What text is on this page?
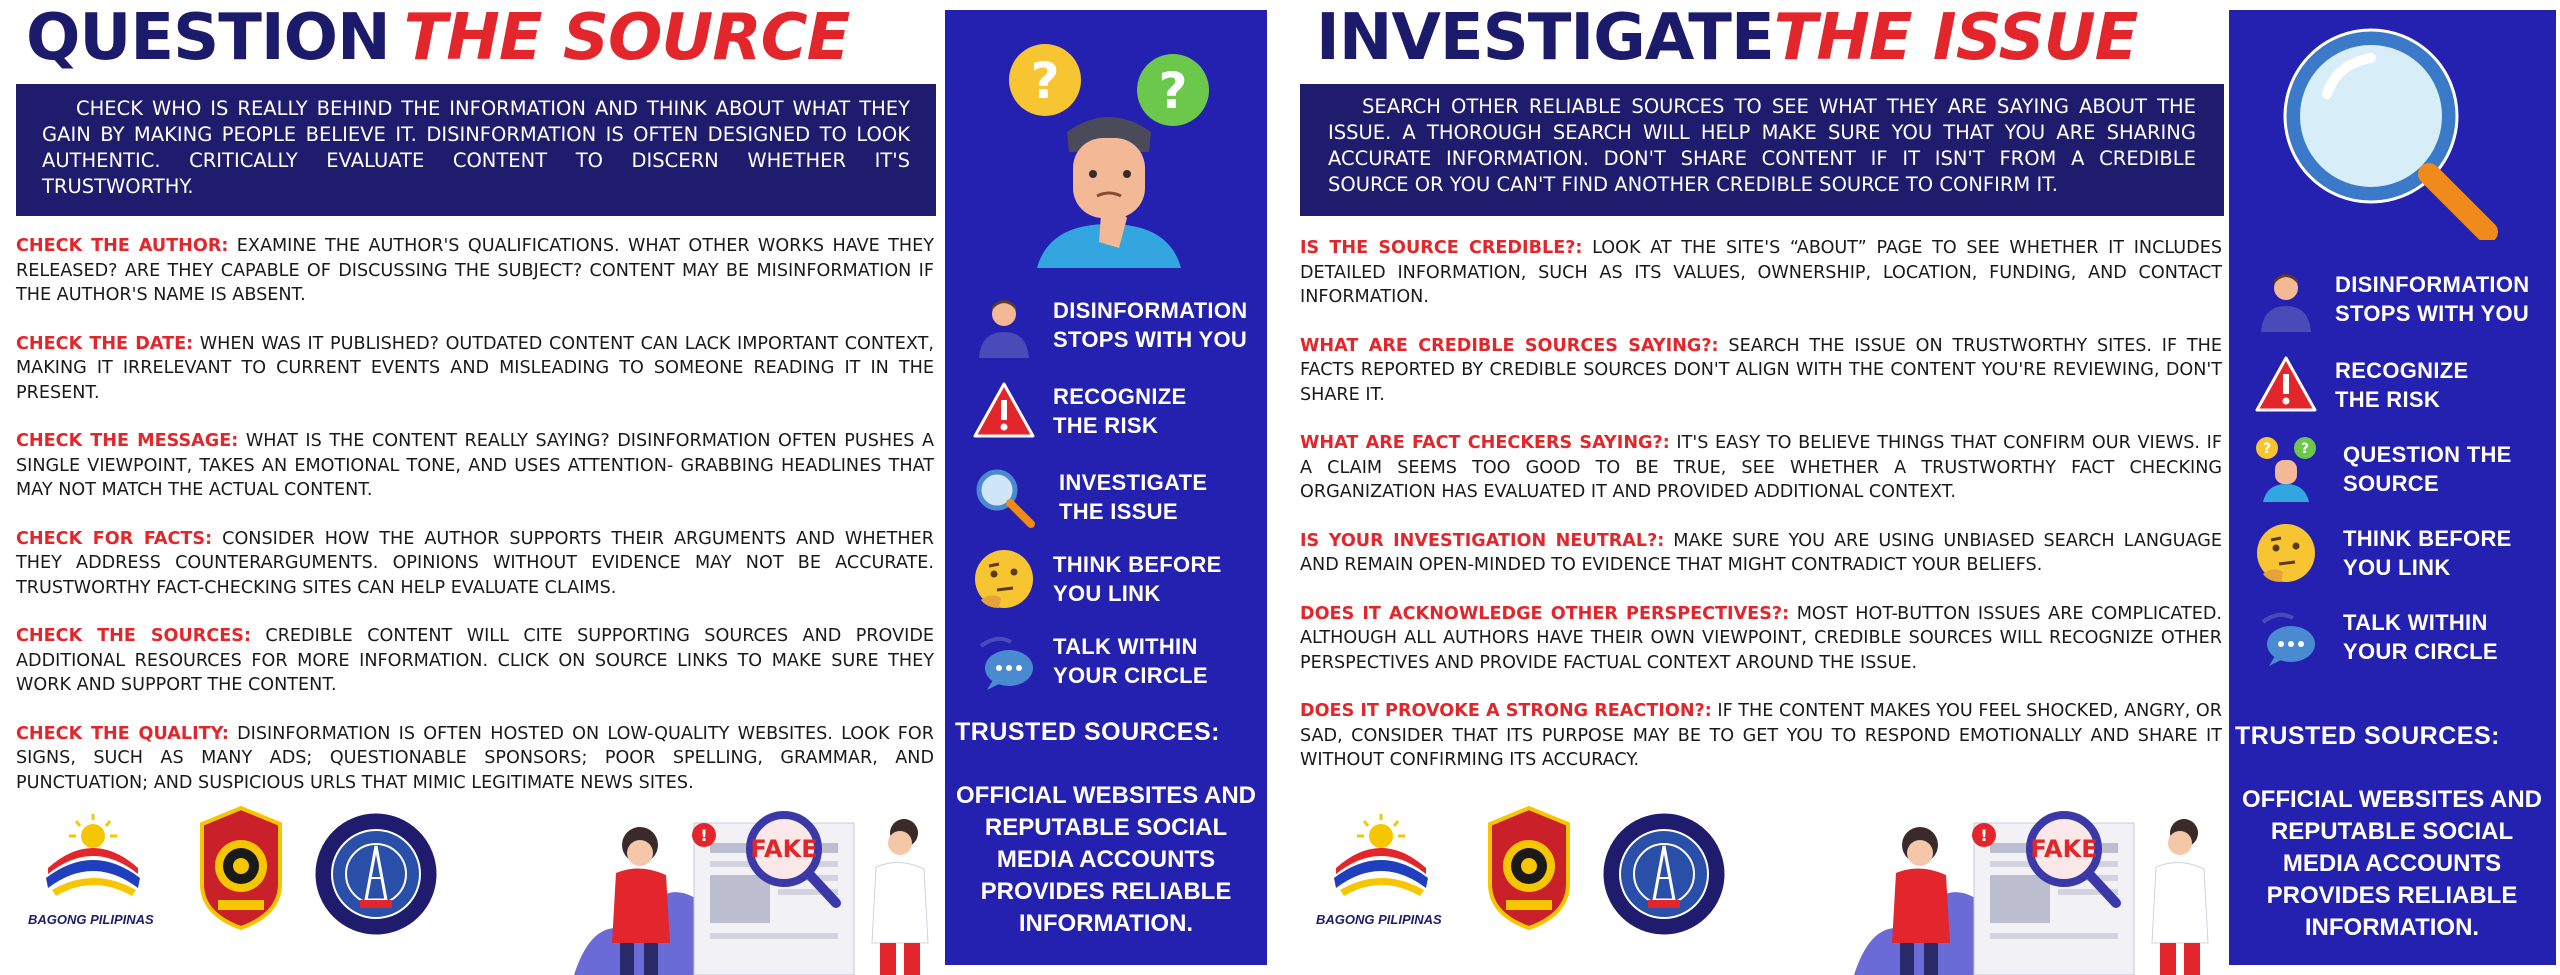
QUESTION THE SOURCE
CHECK WHO IS REALLY BEHIND THE INFORMATION AND THINK ABOUT WHAT THEY GAIN BY MAKING PEOPLE BELIEVE IT. DISINFORMATION IS OFTEN DESIGNED TO LOOK AUTHENTIC. CRITICALLY EVALUATE CONTENT TO DISCERN WHETHER IT'S TRUSTWORTHY.

CHECK THE AUTHOR: EXAMINE THE AUTHOR'S QUALIFICATIONS. WHAT OTHER WORKS HAVE THEY RELEASED? ARE THEY CAPABLE OF DISCUSSING THE SUBJECT? CONTENT MAY BE MISINFORMATION IF THE AUTHOR'S NAME IS ABSENT.

CHECK THE DATE: WHEN WAS IT PUBLISHED? OUTDATED CONTENT CAN LACK IMPORTANT CONTEXT, MAKING IT IRRELEVANT TO CURRENT EVENTS AND MISLEADING TO SOMEONE READING IT IN THE PRESENT.

CHECK THE MESSAGE: WHAT IS THE CONTENT REALLY SAYING? DISINFORMATION OFTEN PUSHES A SINGLE VIEWPOINT, TAKES AN EMOTIONAL TONE, AND USES ATTENTION- GRABBING HEADLINES THAT MAY NOT MATCH THE ACTUAL CONTENT.

CHECK FOR FACTS: CONSIDER HOW THE AUTHOR SUPPORTS THEIR ARGUMENTS AND WHETHER THEY ADDRESS COUNTERARGUMENTS. OPINIONS WITHOUT EVIDENCE MAY NOT BE ACCURATE. TRUSTWORTHY FACT-CHECKING SITES CAN HELP EVALUATE CLAIMS.

CHECK THE SOURCES: CREDIBLE CONTENT WILL CITE SUPPORTING SOURCES AND PROVIDE ADDITIONAL RESOURCES FOR MORE INFORMATION. CLICK ON SOURCE LINKS TO MAKE SURE THEY WORK AND SUPPORT THE CONTENT.

CHECK THE QUALITY: DISINFORMATION IS OFTEN HOSTED ON LOW-QUALITY WEBSITES. LOOK FOR SIGNS, SUCH AS MANY ADS; QUESTIONABLE SPONSORS; POOR SPELLING, GRAMMAR, AND PUNCTUATION; AND SUSPICIOUS URLS THAT MIMIC LEGITIMATE NEWS SITES.

BAGONG PILIPINAS
! FAKE
? ?
DISINFORMATION
STOPS WITH YOU
RECOGNIZE
THE RISK
INVESTIGATE
THE ISSUE
THINK BEFORE
YOU LINK
TALK WITHIN
YOUR CIRCLE
TRUSTED SOURCES:
OFFICIAL WEBSITES AND REPUTABLE SOCIAL MEDIA ACCOUNTS PROVIDES RELIABLE INFORMATION.
INVESTIGATETHE ISSUE
SEARCH OTHER RELIABLE SOURCES TO SEE WHAT THEY ARE SAYING ABOUT THE ISSUE. A THOROUGH SEARCH WILL HELP MAKE SURE YOU THAT YOU ARE SHARING ACCURATE INFORMATION. DON'T SHARE CONTENT IF IT ISN'T FROM A CREDIBLE SOURCE OR YOU CAN'T FIND ANOTHER CREDIBLE SOURCE TO CONFIRM IT.

IS THE SOURCE CREDIBLE?: LOOK AT THE SITE'S “ABOUT” PAGE TO SEE WHETHER IT INCLUDES DETAILED INFORMATION, SUCH AS ITS VALUES, OWNERSHIP, LOCATION, FUNDING, AND CONTACT INFORMATION.

WHAT ARE CREDIBLE SOURCES SAYING?: SEARCH THE ISSUE ON TRUSTWORTHY SITES. IF THE FACTS REPORTED BY CREDIBLE SOURCES DON'T ALIGN WITH THE CONTENT YOU'RE REVIEWING, DON'T SHARE IT.

WHAT ARE FACT CHECKERS SAYING?: IT'S EASY TO BELIEVE THINGS THAT CONFIRM OUR VIEWS. IF A CLAIM SEEMS TOO GOOD TO BE TRUE, SEE WHETHER A TRUSTWORTHY FACT CHECKING ORGANIZATION HAS EVALUATED IT AND PROVIDED ADDITIONAL CONTEXT.

IS YOUR INVESTIGATION NEUTRAL?: MAKE SURE YOU ARE USING UNBIASED SEARCH LANGUAGE AND REMAIN OPEN-MINDED TO EVIDENCE THAT MIGHT CONTRADICT YOUR BELIEFS.

DOES IT ACKNOWLEDGE OTHER PERSPECTIVES?: MOST HOT-BUTTON ISSUES ARE COMPLICATED. ALTHOUGH ALL AUTHORS HAVE THEIR OWN VIEWPOINT, CREDIBLE SOURCES WILL RECOGNIZE OTHER PERSPECTIVES AND PROVIDE FACTUAL CONTEXT AROUND THE ISSUE.

DOES IT PROVOKE A STRONG REACTION?: IF THE CONTENT MAKES YOU FEEL SHOCKED, ANGRY, OR SAD, CONSIDER THAT ITS PURPOSE MAY BE TO GET YOU TO RESPOND EMOTIONALLY AND SHARE IT WITHOUT CONFIRMING ITS ACCURACY.

BAGONG PILIPINAS
! FAKE
DISINFORMATION
STOPS WITH YOU
RECOGNIZE
THE RISK
? ? QUESTION THE
SOURCE
THINK BEFORE
YOU LINK
TALK WITHIN
YOUR CIRCLE
TRUSTED SOURCES:
OFFICIAL WEBSITES AND REPUTABLE SOCIAL MEDIA ACCOUNTS PROVIDES RELIABLE INFORMATION.
